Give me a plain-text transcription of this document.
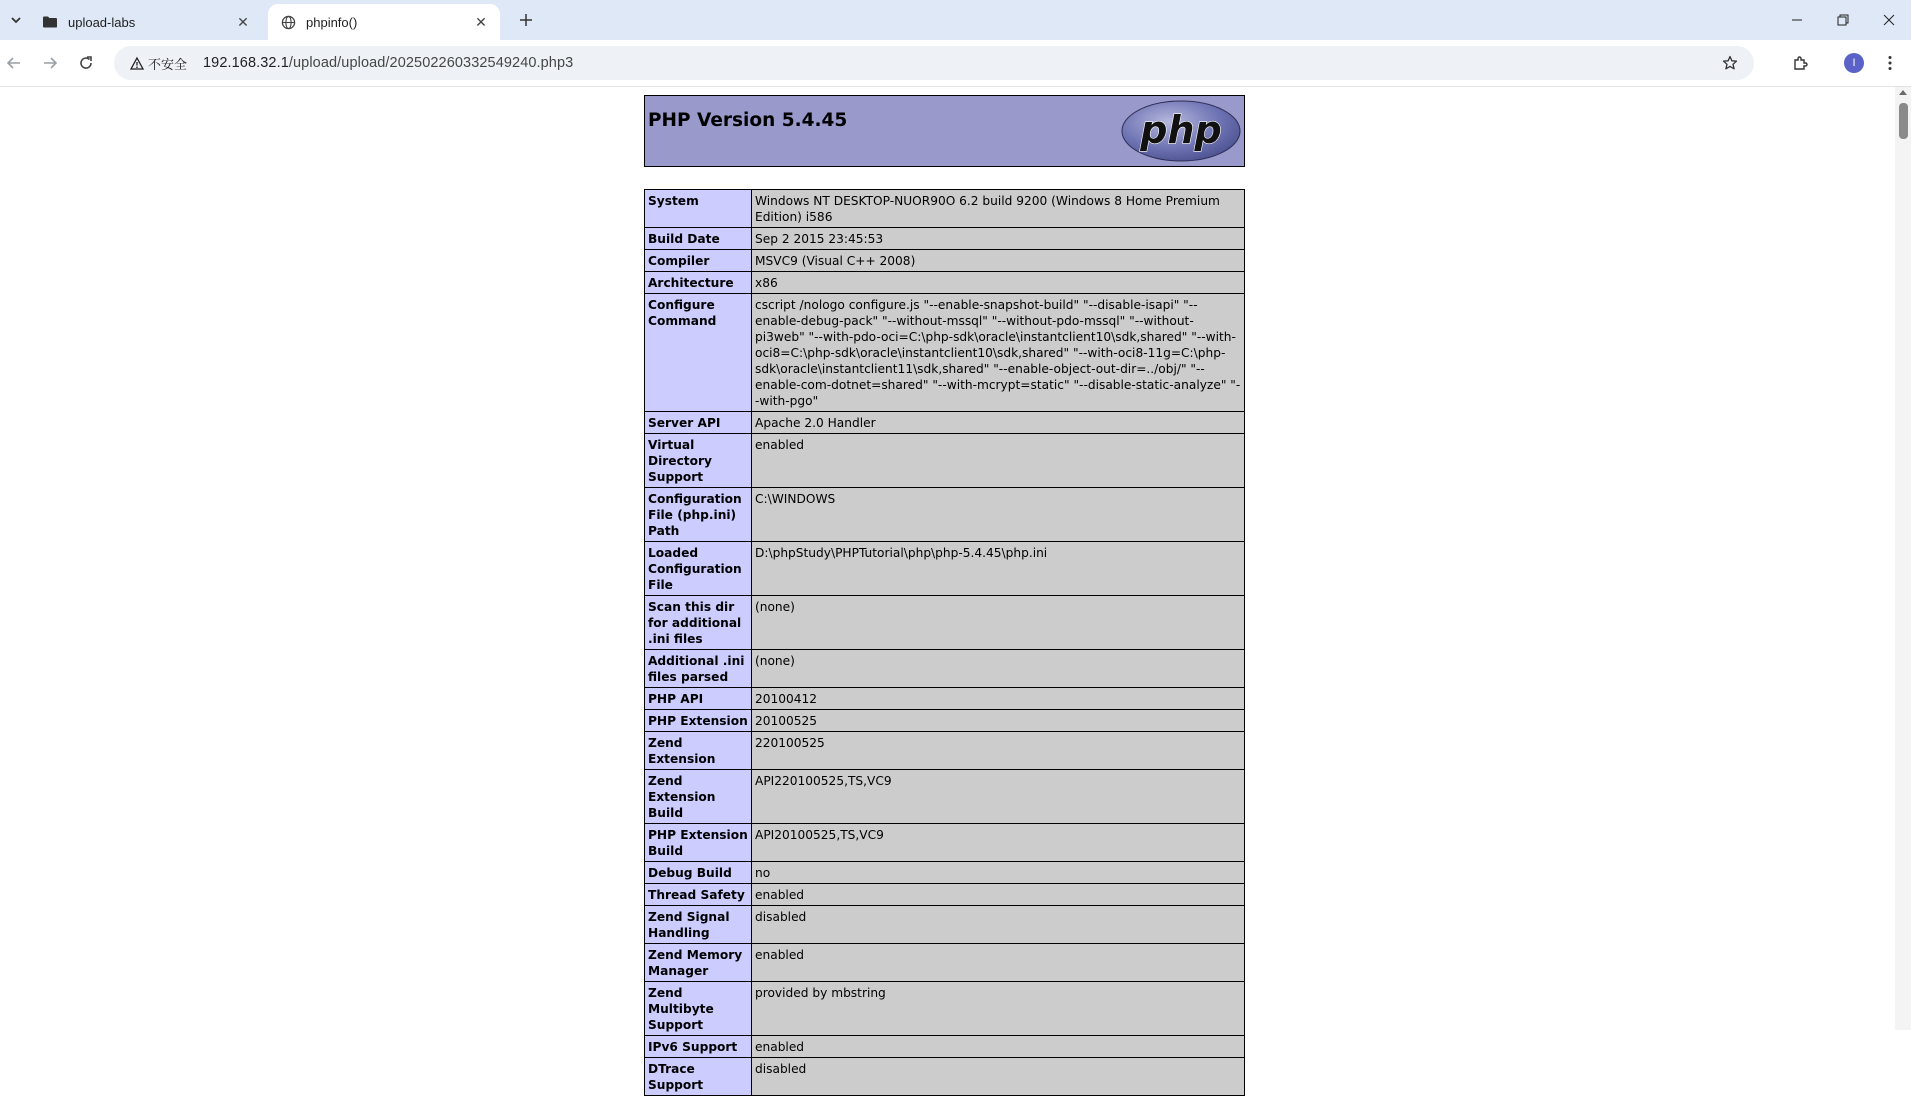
upload-labs	✕	phpinfo()	✕
不安全 192.168.32.1/upload/upload/202502260332549240.php3	I
PHP Version 5.4.45	php
System	Windows NT DESKTOP-NUOR90O 6.2 build 9200 (Windows 8 Home Premium Edition) i586
Build Date	Sep 2 2015 23:45:53
Compiler	MSVC9 (Visual C++ 2008)
Architecture	x86
Configure Command	cscript /nologo configure.js "--enable-snapshot-build" "--disable-isapi" "--enable-debug-pack" "--without-mssql" "--without-pdo-mssql" "--without-pi3web" "--with-pdo-oci=C:\php-sdk\oracle\instantclient10\sdk,shared" "--with-oci8=C:\php-sdk\oracle\instantclient10\sdk,shared" "--with-oci8-11g=C:\php-sdk\oracle\instantclient11\sdk,shared" "--enable-object-out-dir=../obj/" "--enable-com-dotnet=shared" "--with-mcrypt=static" "--disable-static-analyze" "--with-pgo"
Server API	Apache 2.0 Handler
Virtual Directory Support	enabled
Configuration File (php.ini) Path	C:\WINDOWS
Loaded Configuration File	D:\phpStudy\PHPTutorial\php\php-5.4.45\php.ini
Scan this dir for additional .ini files	(none)
Additional .ini files parsed	(none)
PHP API	20100412
PHP Extension	20100525
Zend Extension	220100525
Zend Extension Build	API220100525,TS,VC9
PHP Extension Build	API20100525,TS,VC9
Debug Build	no
Thread Safety	enabled
Zend Signal Handling	disabled
Zend Memory Manager	enabled
Zend Multibyte Support	provided by mbstring
IPv6 Support	enabled
DTrace Support	disabled
